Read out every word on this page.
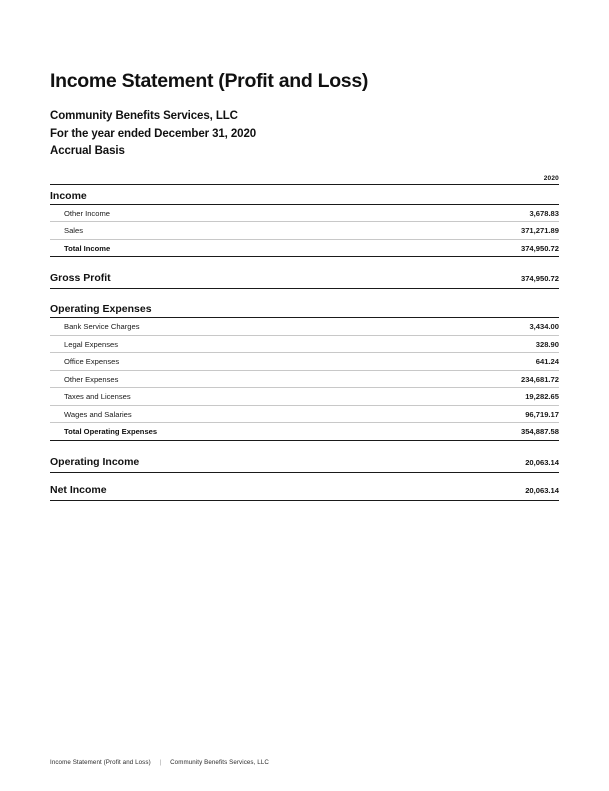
Income Statement (Profit and Loss)
Community Benefits Services, LLC
For the year ended December 31, 2020
Accrual Basis
	2020

Income	
Other Income	3,678.83
Sales	371,271.89
Total Income	374,950.72

Gross Profit	374,950.72

Operating Expenses	
Bank Service Charges	3,434.00
Legal Expenses	328.90
Office Expenses	641.24
Other Expenses	234,681.72
Taxes and Licenses	19,282.65
Wages and Salaries	96,719.17
Total Operating Expenses	354,887.58

Operating Income	20,063.14

Net Income	20,063.14
Income Statement (Profit and Loss) | Community Benefits Services, LLC
